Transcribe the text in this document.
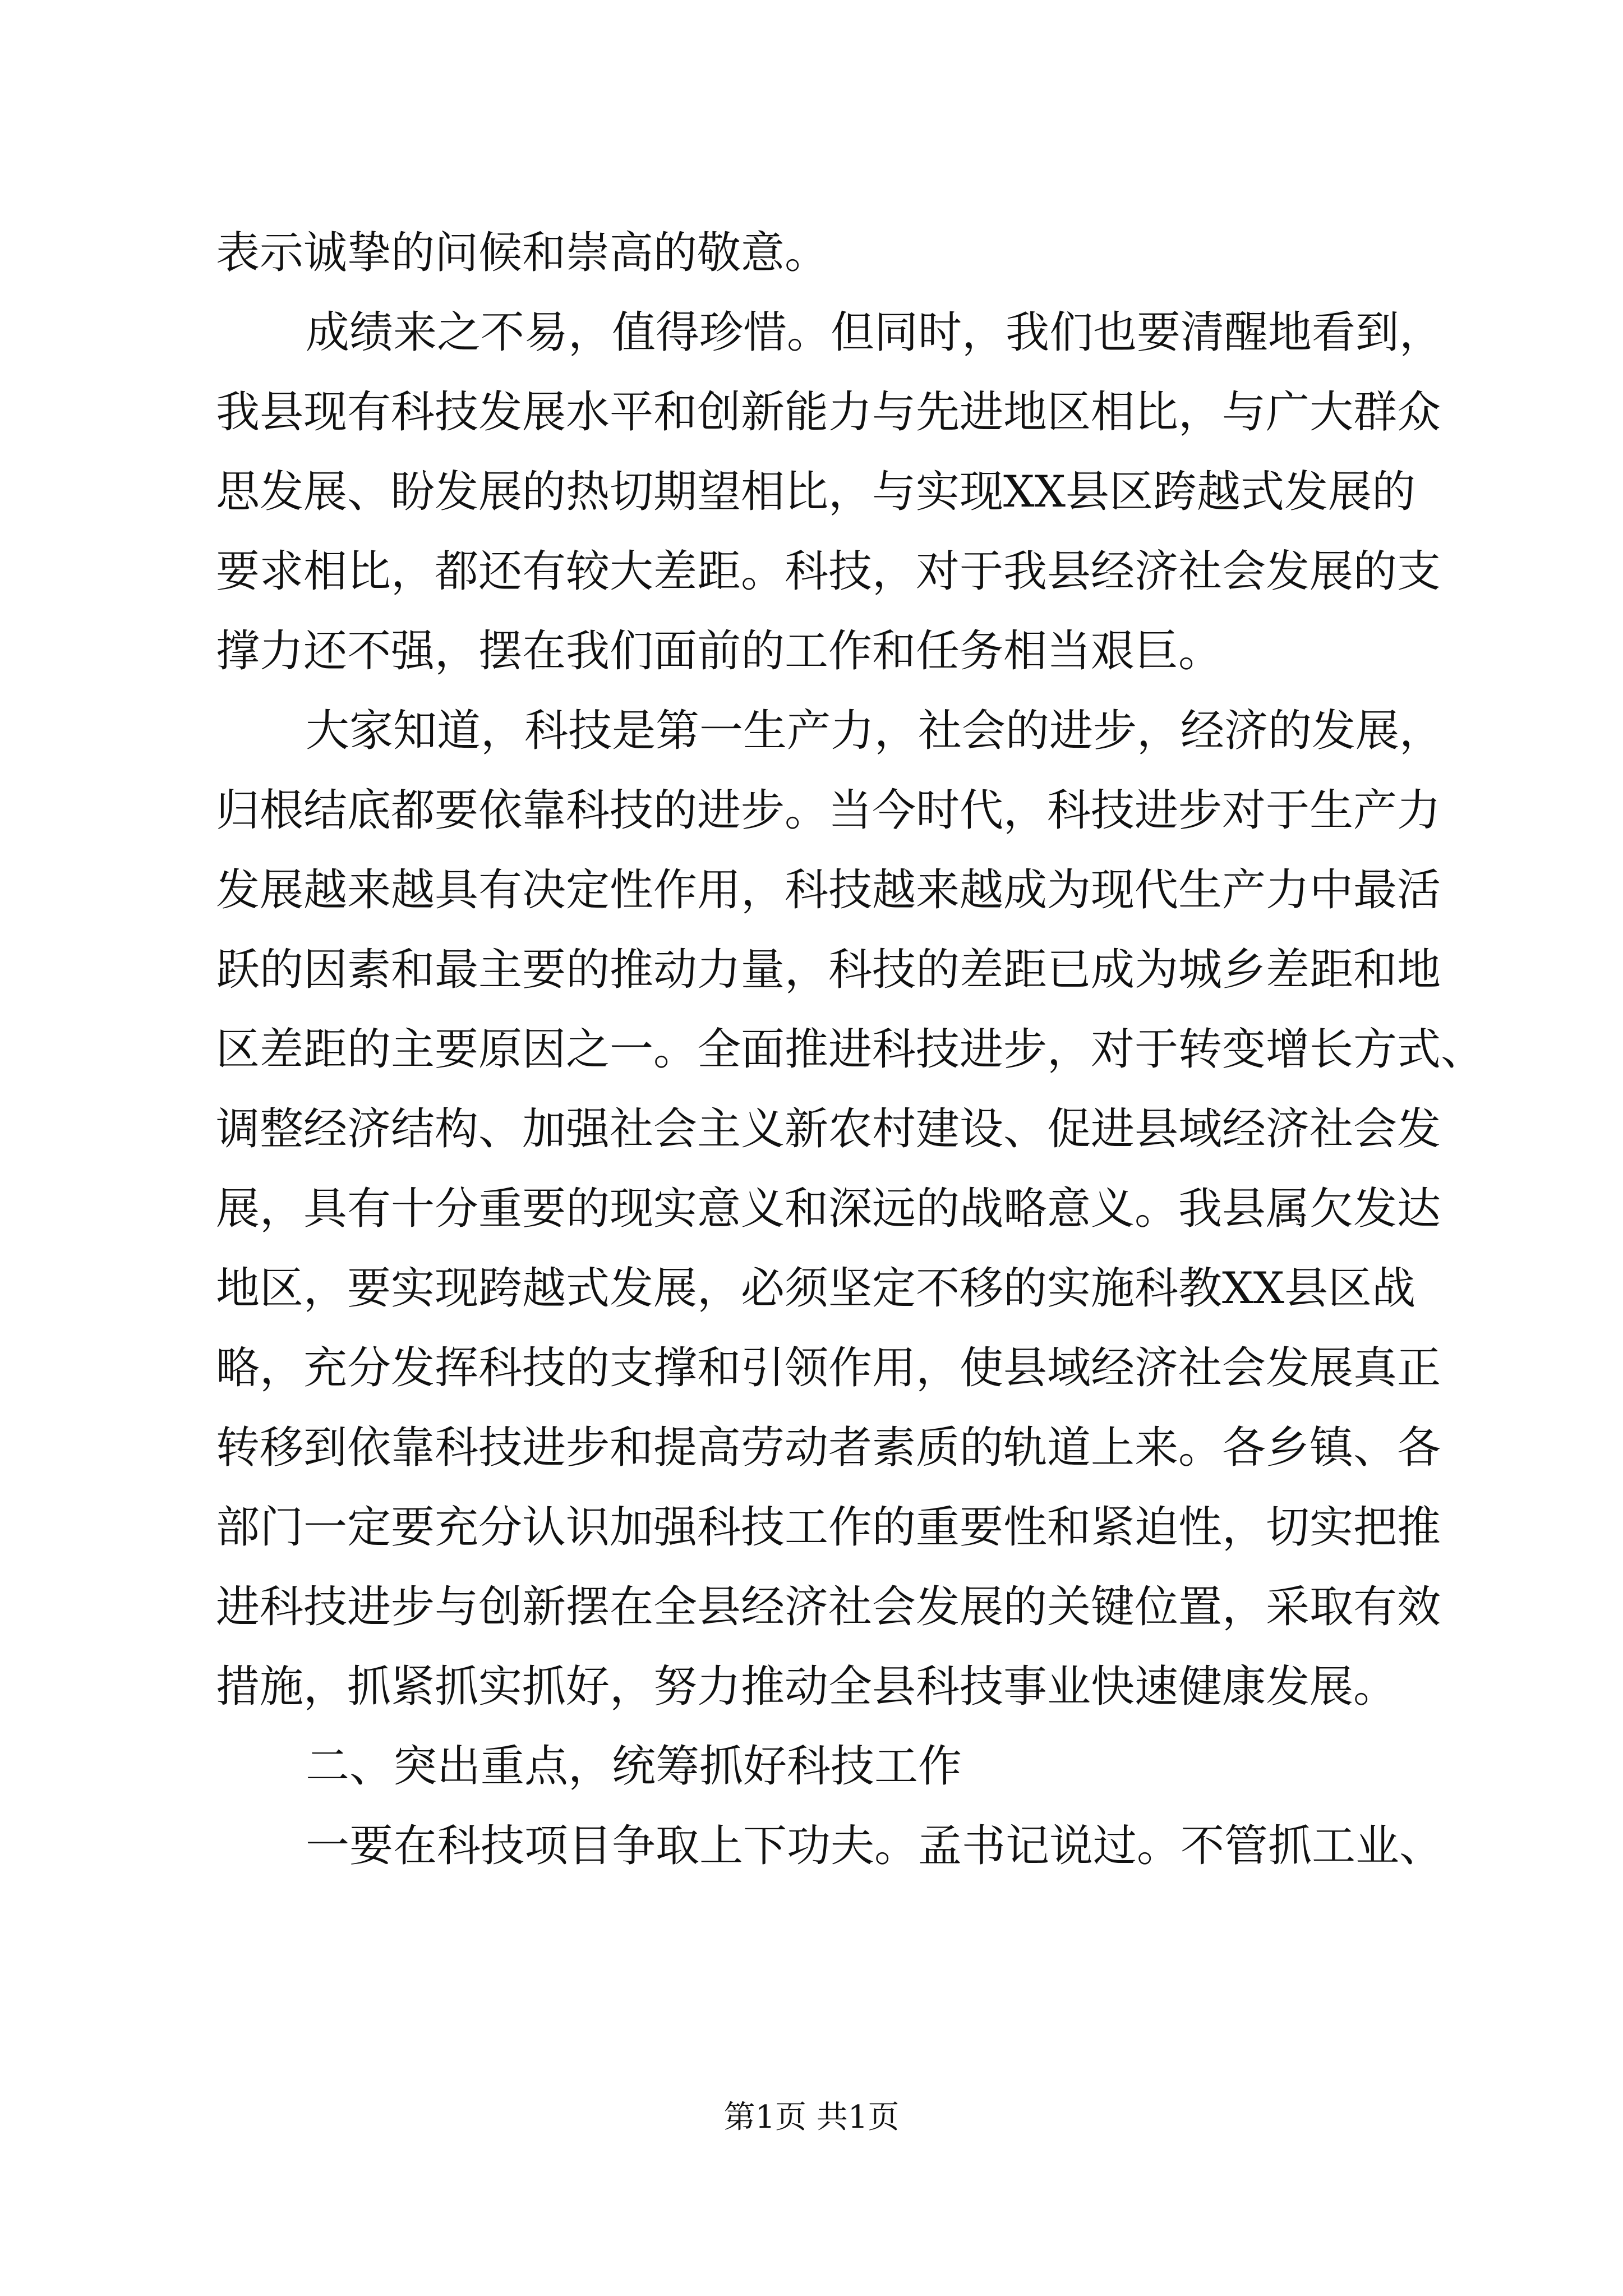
表示诚挚的问候和崇高的敬意。
成绩来之不易，值得珍惜。但同时，我们也要清醒地看到，
我县现有科技发展水平和创新能力与先进地区相比，与广大群众
思发展、盼发展的热切期望相比，与实现XX县区跨越式发展的
要求相比，都还有较大差距。科技，对于我县经济社会发展的支
撑力还不强，摆在我们面前的工作和任务相当艰巨。
大家知道，科技是第一生产力，社会的进步，经济的发展，
归根结底都要依靠科技的进步。当今时代，科技进步对于生产力
发展越来越具有决定性作用，科技越来越成为现代生产力中最活
跃的因素和最主要的推动力量，科技的差距已成为城乡差距和地
区差距的主要原因之一。全面推进科技进步，对于转变增长方式、
调整经济结构、加强社会主义新农村建设、促进县域经济社会发
展，具有十分重要的现实意义和深远的战略意义。我县属欠发达
地区，要实现跨越式发展，必须坚定不移的实施科教XX县区战
略，充分发挥科技的支撑和引领作用，使县域经济社会发展真正
转移到依靠科技进步和提高劳动者素质的轨道上来。各乡镇、各
部门一定要充分认识加强科技工作的重要性和紧迫性，切实把推
进科技进步与创新摆在全县经济社会发展的关键位置，采取有效
措施，抓紧抓实抓好，努力推动全县科技事业快速健康发展。
二、突出重点，统筹抓好科技工作
一要在科技项目争取上下功夫。孟书记说过。不管抓工业、
第1页 共1页
